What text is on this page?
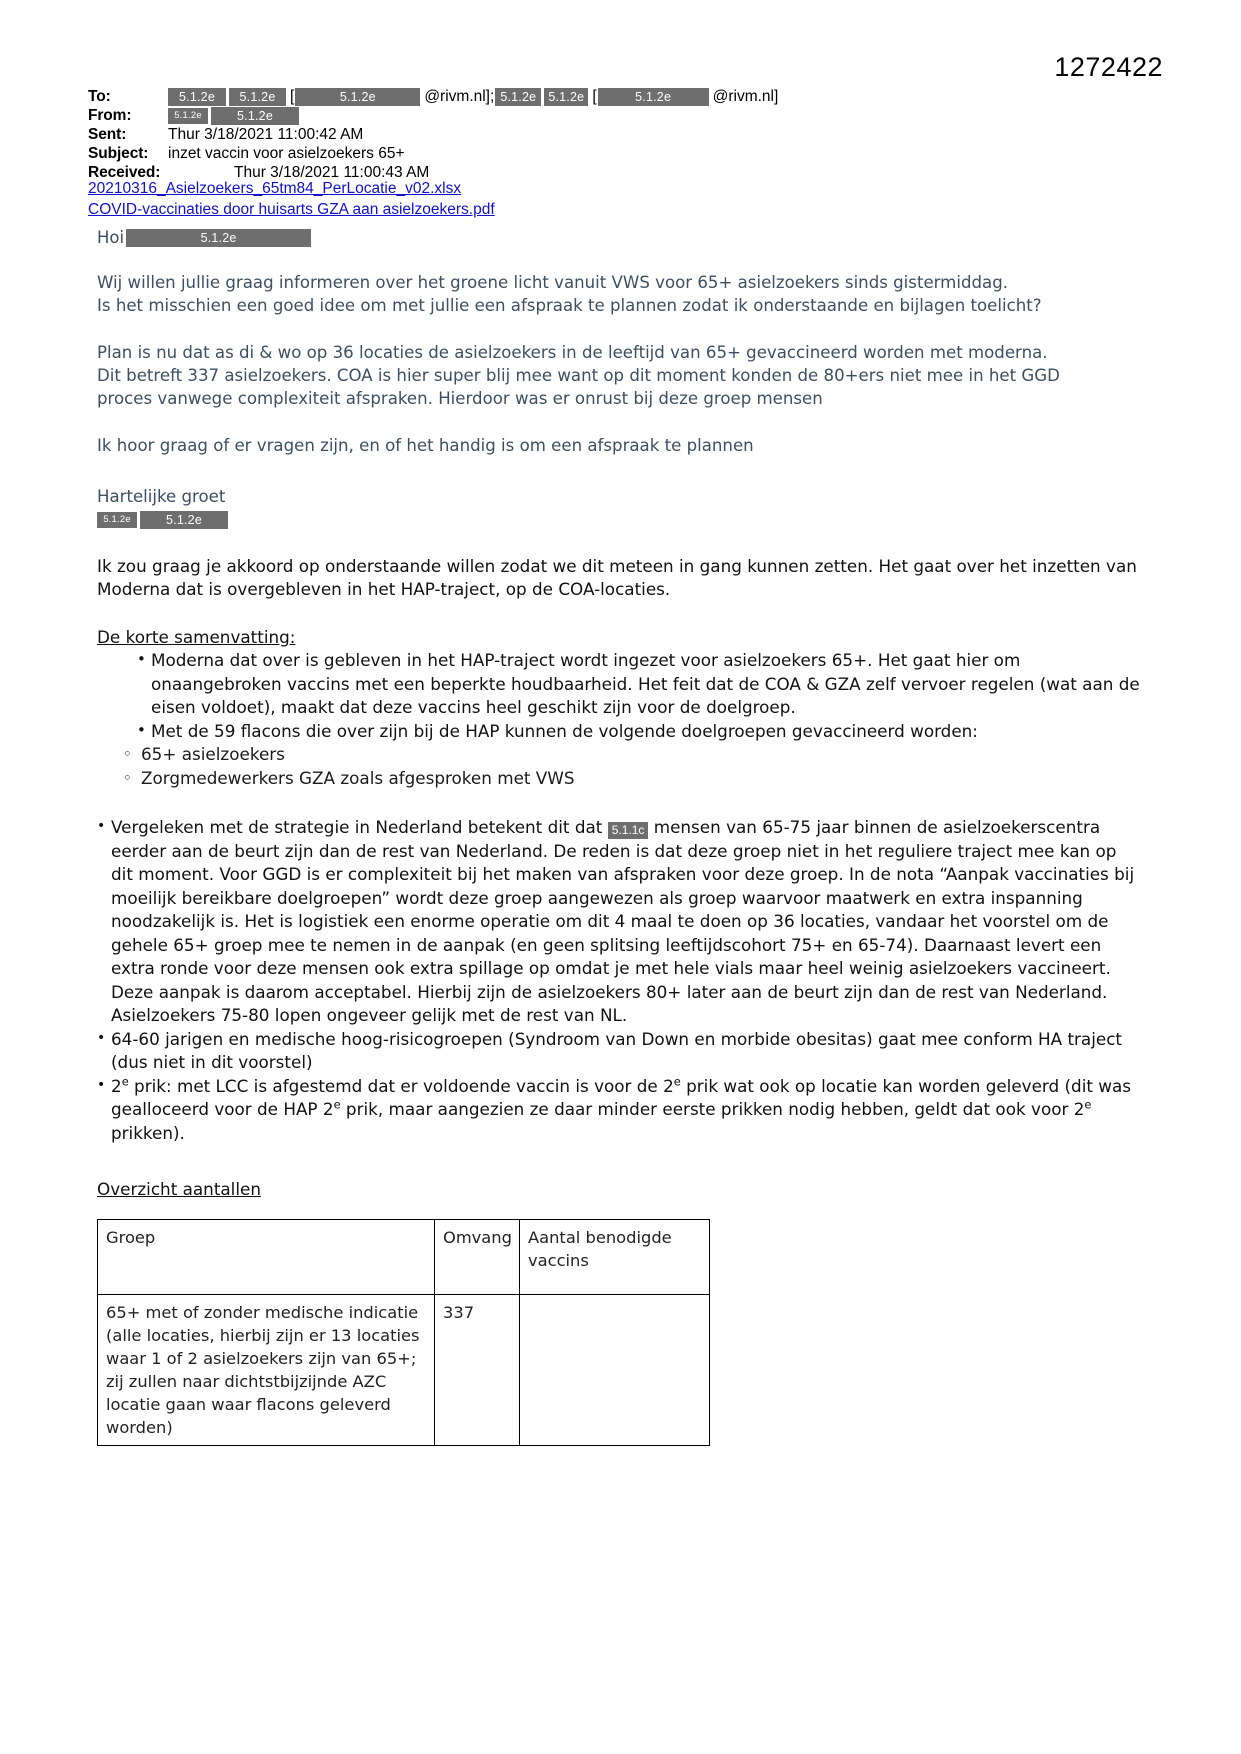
1272422
To:	5.1.2e	5.1.2e [	5.1.2e	@rivm.nl]; 5.1.2e 5.1.2e [	5.1.2e	@rivm.nl]
From:	5.1.2e	5.1.2e
Sent:	Thur 3/18/2021 11:00:42 AM
Subject:	inzet vaccin voor asielzoekers 65+
Received:	Thur 3/18/2021 11:00:43 AM
20210316_Asielzoekers_65tm84_PerLocatie_v02.xlsx
COVID-vaccinaties door huisarts GZA aan asielzoekers.pdf
Hoi	5.1.2e

Wij willen jullie graag informeren over het groene licht vanuit VWS voor 65+ asielzoekers sinds gistermiddag.
Is het misschien een goed idee om met jullie een afspraak te plannen zodat ik onderstaande en bijlagen toelicht?

Plan is nu dat as di & wo op 36 locaties de asielzoekers in de leeftijd van 65+ gevaccineerd worden met moderna.
Dit betreft 337 asielzoekers. COA is hier super blij mee want op dit moment konden de 80+ers niet mee in het GGD
proces vanwege complexiteit afspraken. Hierdoor was er onrust bij deze groep mensen

Ik hoor graag of er vragen zijn, en of het handig is om een afspraak te plannen

Hartelijke groet
5.1.2e	5.1.2e

Ik zou graag je akkoord op onderstaande willen zodat we dit meteen in gang kunnen zetten. Het gaat over het inzetten van Moderna dat is overgebleven in het HAP-traject, op de COA-locaties.

De korte samenvatting:
• Moderna dat over is gebleven in het HAP-traject wordt ingezet voor asielzoekers 65+. Het gaat hier om onaangebroken vaccins met een beperkte houdbaarheid. Het feit dat de COA & GZA zelf vervoer regelen (wat aan de eisen voldoet), maakt dat deze vaccins heel geschikt zijn voor de doelgroep.
• Met de 59 flacons die over zijn bij de HAP kunnen de volgende doelgroepen gevaccineerd worden:
◦ 65+ asielzoekers
◦ Zorgmedewerkers GZA zoals afgesproken met VWS

• Vergeleken met de strategie in Nederland betekent dit dat 5.1.1c mensen van 65-75 jaar binnen de asielzoekerscentra eerder aan de beurt zijn dan de rest van Nederland. De reden is dat deze groep niet in het reguliere traject mee kan op dit moment. Voor GGD is er complexiteit bij het maken van afspraken voor deze groep. In de nota “Aanpak vaccinaties bij moeilijk bereikbare doelgroepen” wordt deze groep aangewezen als groep waarvoor maatwerk en extra inspanning noodzakelijk is. Het is logistiek een enorme operatie om dit 4 maal te doen op 36 locaties, vandaar het voorstel om de gehele 65+ groep mee te nemen in de aanpak (en geen splitsing leeftijdscohort 75+ en 65-74). Daarnaast levert een extra ronde voor deze mensen ook extra spillage op omdat je met hele vials maar heel weinig asielzoekers vaccineert. Deze aanpak is daarom acceptabel. Hierbij zijn de asielzoekers 80+ later aan de beurt zijn dan de rest van Nederland. Asielzoekers 75-80 lopen ongeveer gelijk met de rest van NL.

• 64-60 jarigen en medische hoog-risicogroepen (Syndroom van Down en morbide obesitas) gaat mee conform HA traject (dus niet in dit voorstel)

• 2e prik: met LCC is afgestemd dat er voldoende vaccin is voor de 2e prik wat ook op locatie kan worden geleverd (dit was gealloceerd voor de HAP 2e prik, maar aangezien ze daar minder eerste prikken nodig hebben, geldt dat ook voor 2e prikken).

Overzicht aantallen
Groep	Omvang	Aantal benodigde vaccins
65+ met of zonder medische indicatie (alle locaties, hierbij zijn er 13 locaties waar 1 of 2 asielzoekers zijn van 65+; zij zullen naar dichtstbijzijnde AZC locatie gaan waar flacons geleverd worden)	337	
